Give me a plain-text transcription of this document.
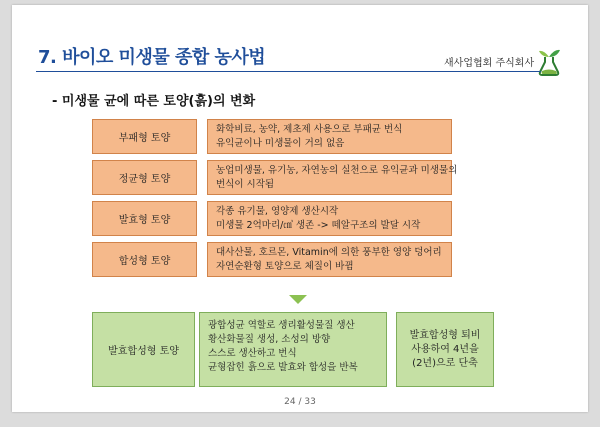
7. 바이오 미생물 종합 농사법	새사업협회 주식회사
- 미생물 균에 따른 토양(흙)의 변화
부패형 토양
화학비료, 농약, 제초제 사용으로 부패균 번식
유익균이나 미생물이 거의 없음
정균형 토양
농업미생물, 유기농, 자연농의 실천으로 유익균과 미생물의
번식이 시작됨
발효형 토양
각종 유기물, 영양제 생산시작
미생물 2억마리/㎤ 생존 -> 떼알구조의 발달 시작
합성형 토양
대사산물, 호르몬, Vitamin에 의한 풍부한 영양 덩어리
자연순환형 토양으로 체질이 바뀜
발효합성형 토양
광합성균 역할로 생리활성물질 생산
황산화물질 생성, 소성의 방향
스스로 생산하고 번식
균형잡힌 흙으로 발효와 합성을 반복
발효합성형 퇴비
사용하여 4년을
(2년)으로 단축
24 / 33
